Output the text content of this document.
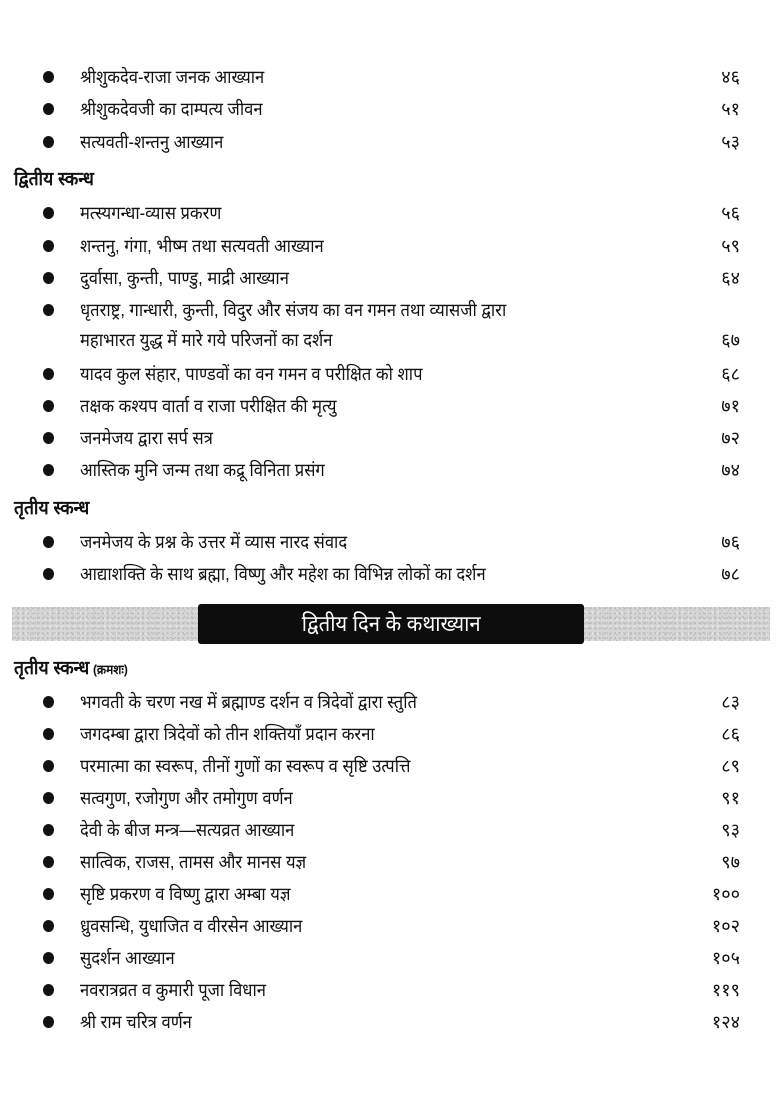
श्रीशुकदेव-राजा जनक आख्यान	४६
श्रीशुकदेवजी का दाम्पत्य जीवन	५१
सत्यवती-शन्तनु आख्यान	५३
द्वितीय स्कन्ध
मत्स्यगन्धा-व्यास प्रकरण	५६
शन्तनु, गंगा, भीष्म तथा सत्यवती आख्यान	५९
दुर्वासा, कुन्ती, पाण्डु, माद्री आख्यान	६४
धृतराष्ट्र, गान्धारी, कुन्ती, विदुर और संजय का वन गमन तथा व्यासजी द्वारा
महाभारत युद्ध में मारे गये परिजनों का दर्शन	६७
यादव कुल संहार, पाण्डवों का वन गमन व परीक्षित को शाप	६८
तक्षक कश्यप वार्ता व राजा परीक्षित की मृत्यु	७१
जनमेजय द्वारा सर्प सत्र	७२
आस्तिक मुनि जन्म तथा कद्रू विनिता प्रसंग	७४
तृतीय स्कन्ध
जनमेजय के प्रश्न के उत्तर में व्यास नारद संवाद	७६
आद्याशक्ति के साथ ब्रह्मा, विष्णु और महेश का विभिन्न लोकों का दर्शन	७८
द्वितीय दिन के कथाख्यान
तृतीय स्कन्ध (क्रमशः)
भगवती के चरण नख में ब्रह्माण्ड दर्शन व त्रिदेवों द्वारा स्तुति	८३
जगदम्बा द्वारा त्रिदेवों को तीन शक्तियाँ प्रदान करना	८६
परमात्मा का स्वरूप, तीनों गुणों का स्वरूप व सृष्टि उत्पत्ति	८९
सत्वगुण, रजोगुण और तमोगुण वर्णन	९१
देवी के बीज मन्त्र—सत्यव्रत आख्यान	९३
सात्विक, राजस, तामस और मानस यज्ञ	९७
सृष्टि प्रकरण व विष्णु द्वारा अम्बा यज्ञ	१००
ध्रुवसन्धि, युधाजित व वीरसेन आख्यान	१०२
सुदर्शन आख्यान	१०५
नवरात्रव्रत व कुमारी पूजा विधान	११९
श्री राम चरित्र वर्णन	१२४
